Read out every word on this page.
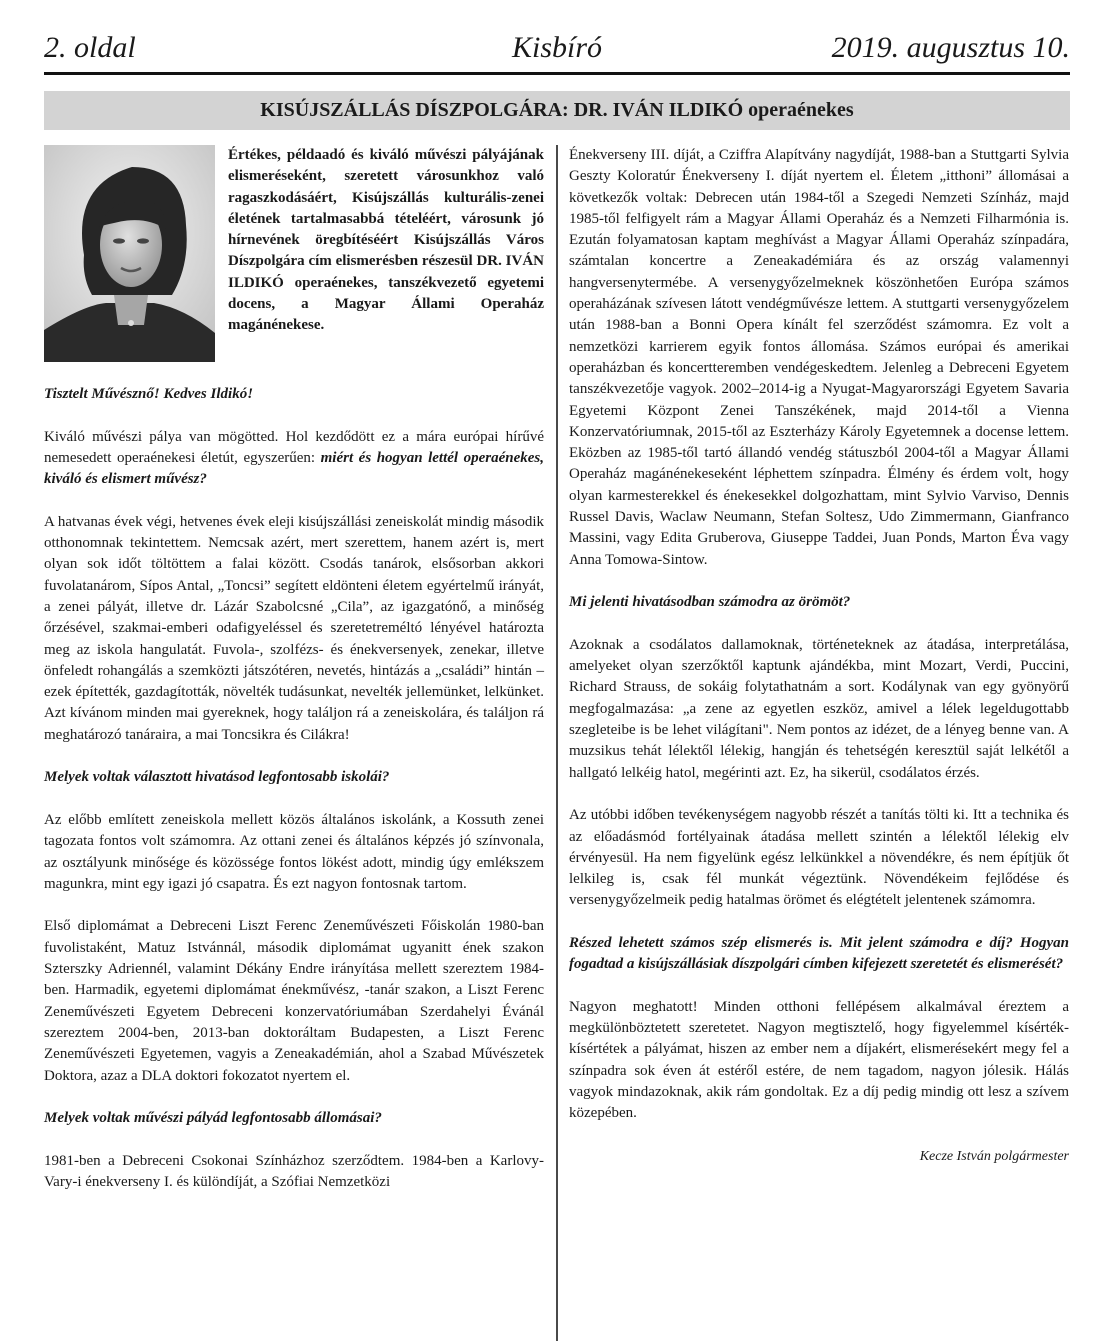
2. oldal	Kisbíró	2019. augusztus 10.
KISÚJSZÁLLÁS DÍSZPOLGÁRA: DR. IVÁN ILDIKÓ operaénekes
Értékes, példaadó és kiváló művészi pályájának elismeréseként, szeretett városunkhoz való ragaszkodásáért, Kisújszállás kulturális-zenei életének tartalmasabbá tételéért, városunk jó hírnevének öregbítéséért Kisújszállás Város Díszpolgára cím elismerésben részesül DR. IVÁN ILDIKÓ operaénekes, tanszékvezető egyetemi docens, a Magyar Állami Operaház magánénekese.

Tisztelt Művésznő! Kedves Ildikó!

Kiváló művészi pálya van mögötted. Hol kezdődött ez a mára európai hírűvé nemesedett operaénekesi életút, egyszerűen: miért és hogyan lettél operaénekes, kiváló és elismert művész?

A hatvanas évek végi, hetvenes évek eleji kisújszállási zeneiskolát mindig második otthonomnak tekintettem. Nemcsak azért, mert szerettem, hanem azért is, mert olyan sok időt töltöttem a falai között. Csodás tanárok, elsősorban akkori fuvolatanárom, Sípos Antal, „Toncsi” segített eldönteni életem egyértelmű irányát, a zenei pályát, illetve dr. Lázár Szabolcsné „Cila”, az igazgatónő, a minőség őrzésével, szakmai-emberi odafigyeléssel és szeretetreméltó lényével határozta meg az iskola hangulatát. Fuvola-, szolfézs- és énekversenyek, zenekar, illetve önfeledt rohangálás a szemközti játszótéren, nevetés, hintázás a „családi” hintán – ezek építették, gazdagították, növelték tudásunkat, nevelték jellemünket, lelkünket. Azt kívánom minden mai gyereknek, hogy találjon rá a zeneiskolára, és találjon rá meghatározó tanáraira, a mai Toncsikra és Cilákra!

Melyek voltak választott hivatásod legfontosabb iskolái?

Az előbb említett zeneiskola mellett közös általános iskolánk, a Kossuth zenei tagozata fontos volt számomra. Az ottani zenei és általános képzés jó színvonala, az osztályunk minősége és közössége fontos lökést adott, mindig úgy emlékszem magunkra, mint egy igazi jó csapatra. És ezt nagyon fontosnak tartom.

Első diplomámat a Debreceni Liszt Ferenc Zeneművészeti Főiskolán 1980-ban fuvolistaként, Matuz Istvánnál, második diplomámat ugyanitt ének szakon Szterszky Adriennél, valamint Dékány Endre irányítása mellett szereztem 1984-ben. Harmadik, egyetemi diplomámat énekművész, -tanár szakon, a Liszt Ferenc Zeneművészeti Egyetem Debreceni konzervatóriumában Szerdahelyi Évánál szereztem 2004-ben, 2013-ban doktoráltam Budapesten, a Liszt Ferenc Zeneművészeti Egyetemen, vagyis a Zeneakadémián, ahol a Szabad Művészetek Doktora, azaz a DLA doktori fokozatot nyertem el.

Melyek voltak művészi pályád legfontosabb állomásai?

1981-ben a Debreceni Csokonai Színházhoz szerződtem. 1984-ben a Karlovy-Vary-i énekverseny I. és különdíját, a Szófiai Nemzetközi

Énekverseny III. díját, a Cziffra Alapítvány nagydíját, 1988-ban a Stuttgarti Sylvia Geszty Koloratúr Énekverseny I. díját nyertem el. Életem „itthoni” állomásai a következők voltak: Debrecen után 1984-től a Szegedi Nemzeti Színház, majd 1985-től felfigyelt rám a Magyar Állami Operaház és a Nemzeti Filharmónia is. Ezután folyamatosan kaptam meghívást a Magyar Állami Operaház színpadára, számtalan koncertre a Zeneakadémiára és az ország valamennyi hangversenytermébe. A versenygyőzelmeknek köszönhetően Európa számos operaházának szívesen látott vendégművésze lettem. A stuttgarti versenygyőzelem után 1988-ban a Bonni Opera kínált fel szerződést számomra. Ez volt a nemzetközi karrierem egyik fontos állomása. Számos európai és amerikai operaházban és koncertteremben vendégeskedtem. Jelenleg a Debreceni Egyetem tanszékvezetője vagyok. 2002–2014-ig a Nyugat-Magyarországi Egyetem Savaria Egyetemi Központ Zenei Tanszékének, majd 2014-től a Vienna Konzervatóriumnak, 2015-től az Eszterházy Károly Egyetemnek a docense lettem. Eközben az 1985-től tartó állandó vendég státuszból 2004-től a Magyar Állami Operaház magánénekeseként léphettem színpadra. Élmény és érdem volt, hogy olyan karmesterekkel és énekesekkel dolgozhattam, mint Sylvio Varviso, Dennis Russel Davis, Waclaw Neumann, Stefan Soltesz, Udo Zimmermann, Gianfranco Massini, vagy Edita Gruberova, Giuseppe Taddei, Juan Ponds, Marton Éva vagy Anna Tomowa-Sintow.

Mi jelenti hivatásodban számodra az örömöt?

Azoknak a csodálatos dallamoknak, történeteknek az átadása, interpretálása, amelyeket olyan szerzőktől kaptunk ajándékba, mint Mozart, Verdi, Puccini, Richard Strauss, de sokáig folytathatnám a sort. Kodálynak van egy gyönyörű megfogalmazása: „a zene az egyetlen eszköz, amivel a lélek legeldugottabb szegleteibe is be lehet világítani". Nem pontos az idézet, de a lényeg benne van. A muzsikus tehát lélektől lélekig, hangján és tehetségén keresztül saját lelkétől a hallgató lelkéig hatol, megérinti azt. Ez, ha sikerül, csodálatos érzés.

Az utóbbi időben tevékenységem nagyobb részét a tanítás tölti ki. Itt a technika és az előadásmód fortélyainak átadása mellett szintén a lélektől lélekig elv érvényesül. Ha nem figyelünk egész lelkünkkel a növendékre, és nem építjük őt lelkileg is, csak fél munkát végeztünk. Növendékeim fejlődése és versenygyőzelmeik pedig hatalmas örömet és elégtételt jelentenek számomra.

Részed lehetett számos szép elismerés is. Mit jelent számodra e díj? Hogyan fogadtad a kisújszállásiak díszpolgári címben kifejezett szeretetét és elismerését?

Nagyon meghatott! Minden otthoni fellépésem alkalmával éreztem a megkülönböztetett szeretetet. Nagyon megtisztelő, hogy figyelemmel kísérték-kísértétek a pályámat, hiszen az ember nem a díjakért, elismerésekért megy fel a színpadra sok éven át estéről estére, de nem tagadom, nagyon jólesik. Hálás vagyok mindazoknak, akik rám gondoltak. Ez a díj pedig mindig ott lesz a szívem közepében.

Kecze István polgármester
